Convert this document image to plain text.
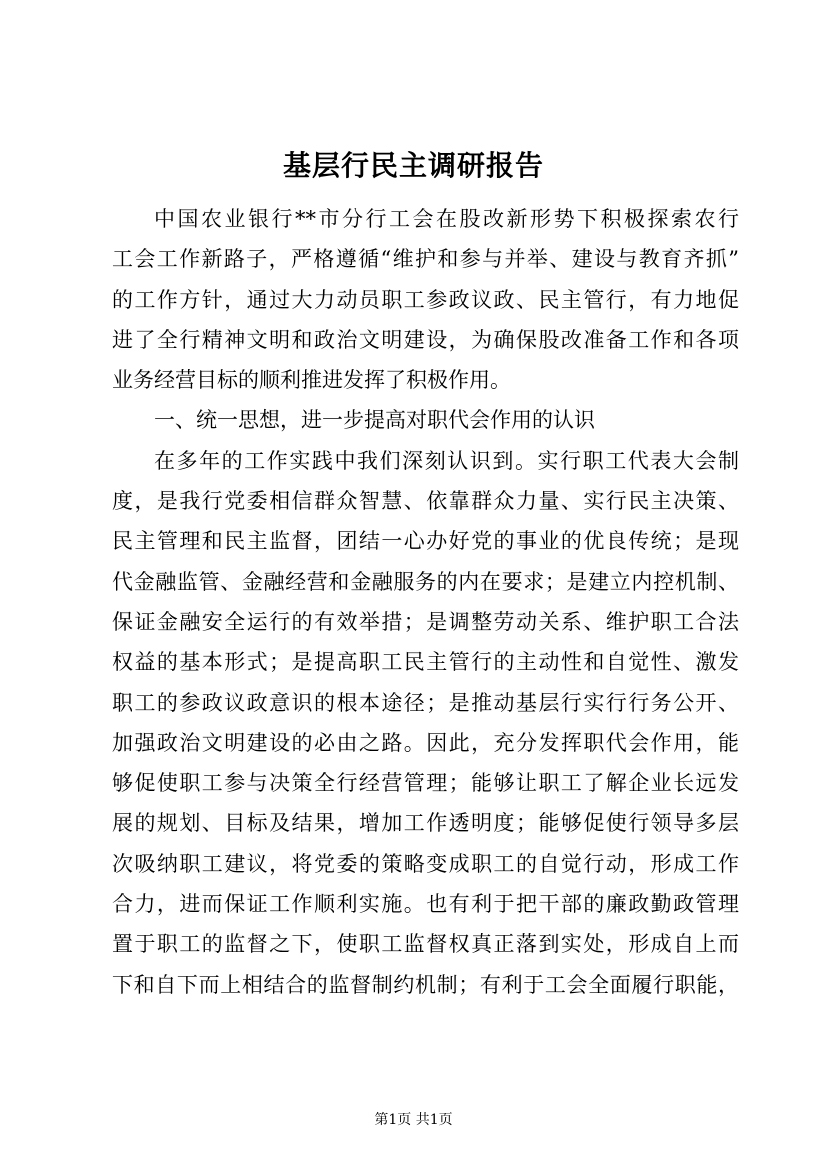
基层行民主调研报告
中国农业银行**市分行工会在股改新形势下积极探索农行
工会工作新路子，严格遵循“维护和参与并举、建设与教育齐抓”
的工作方针，通过大力动员职工参政议政、民主管行，有力地促
进了全行精神文明和政治文明建设，为确保股改准备工作和各项
业务经营目标的顺利推进发挥了积极作用。
一、统一思想，进一步提高对职代会作用的认识
在多年的工作实践中我们深刻认识到。实行职工代表大会制
度，是我行党委相信群众智慧、依靠群众力量、实行民主决策、
民主管理和民主监督，团结一心办好党的事业的优良传统；是现
代金融监管、金融经营和金融服务的内在要求；是建立内控机制、
保证金融安全运行的有效举措；是调整劳动关系、维护职工合法
权益的基本形式；是提高职工民主管行的主动性和自觉性、激发
职工的参政议政意识的根本途径；是推动基层行实行行务公开、
加强政治文明建设的必由之路。因此，充分发挥职代会作用，能
够促使职工参与决策全行经营管理；能够让职工了解企业长远发
展的规划、目标及结果，增加工作透明度；能够促使行领导多层
次吸纳职工建议，将党委的策略变成职工的自觉行动，形成工作
合力，进而保证工作顺利实施。也有利于把干部的廉政勤政管理
置于职工的监督之下，使职工监督权真正落到实处，形成自上而
下和自下而上相结合的监督制约机制；有利于工会全面履行职能，
第1页 共1页
